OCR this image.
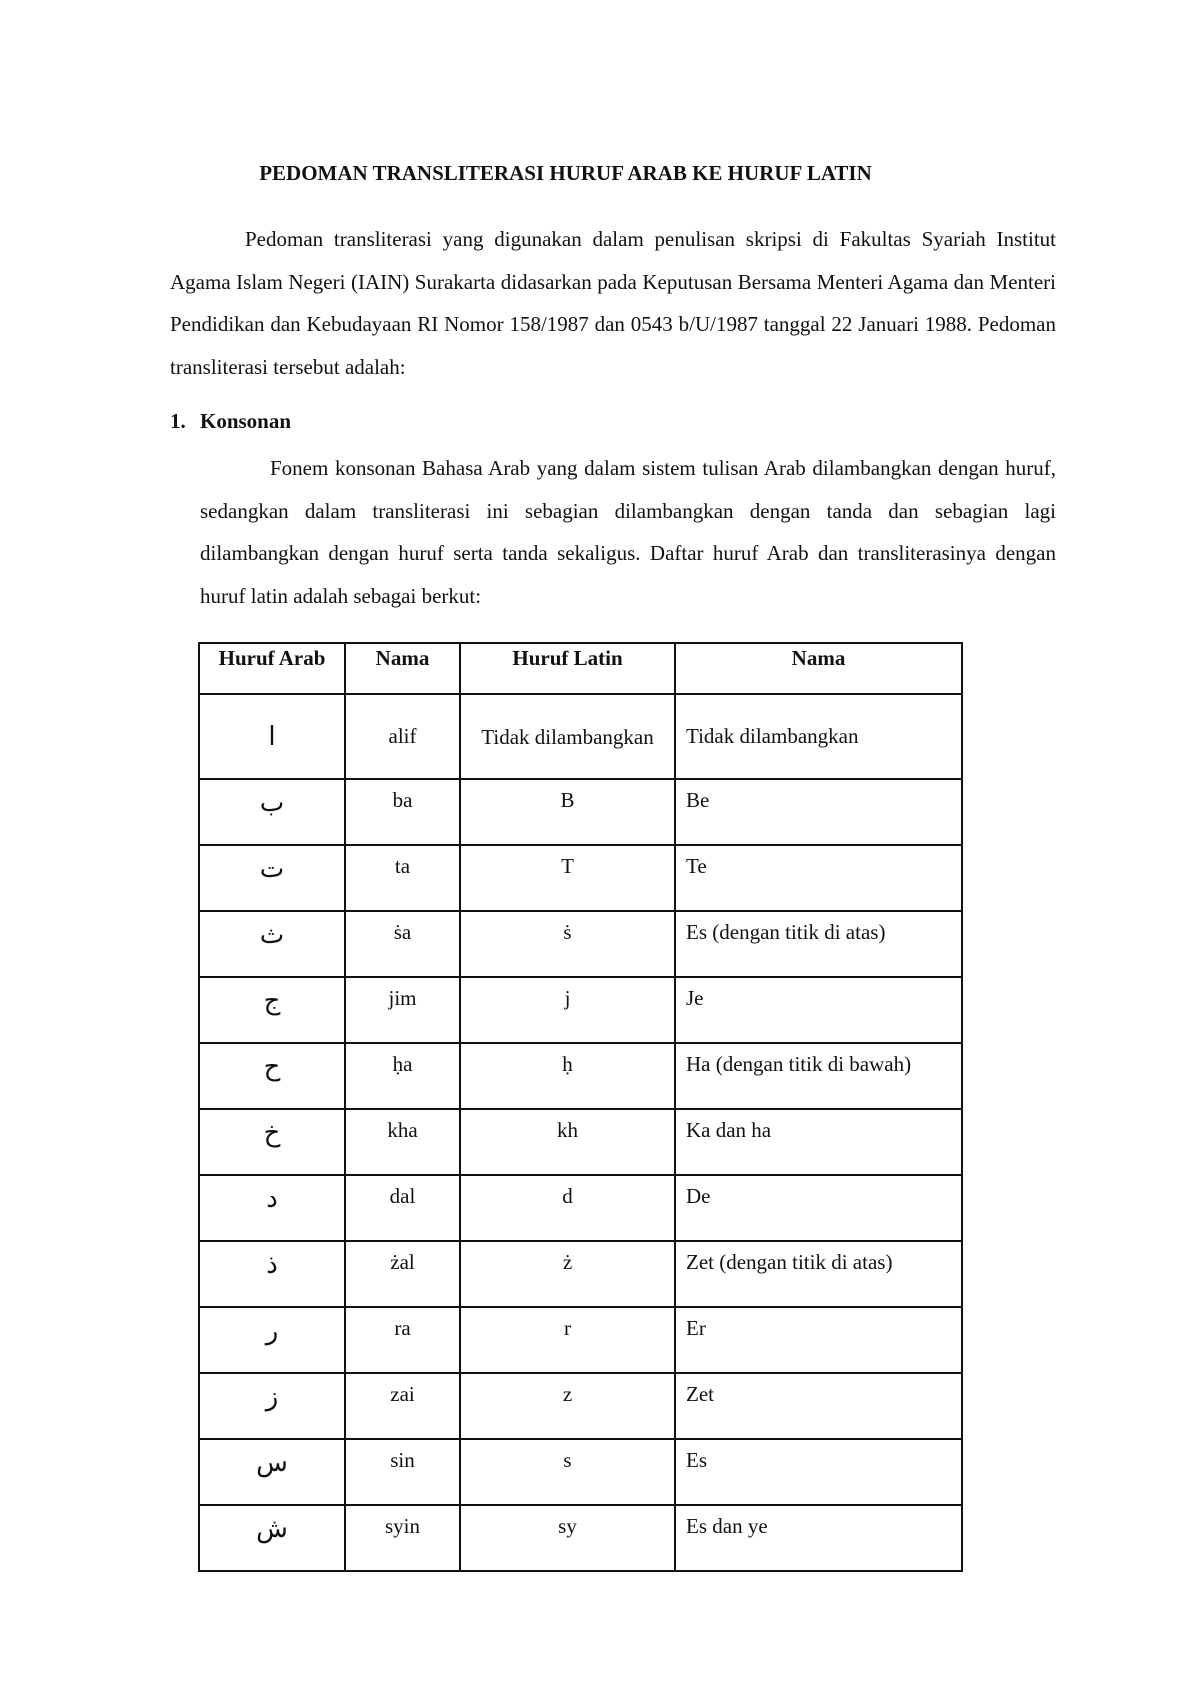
PEDOMAN TRANSLITERASI HURUF ARAB KE HURUF LATIN

Pedoman transliterasi yang digunakan dalam penulisan skripsi di Fakultas Syariah Institut Agama Islam Negeri (IAIN) Surakarta didasarkan pada Keputusan Bersama Menteri Agama dan Menteri Pendidikan dan Kebudayaan RI Nomor 158/1987 dan 0543 b/U/1987 tanggal 22 Januari 1988. Pedoman transliterasi tersebut adalah:

1. Konsonan

Fonem konsonan Bahasa Arab yang dalam sistem tulisan Arab dilambangkan dengan huruf, sedangkan dalam transliterasi ini sebagian dilambangkan dengan tanda dan sebagian lagi dilambangkan dengan huruf serta tanda sekaligus. Daftar huruf Arab dan transliterasinya dengan huruf latin adalah sebagai berkut:

Huruf Arab	Nama	Huruf Latin	Nama
ا	alif	Tidak dilambangkan	Tidak dilambangkan
ب	ba	B	Be
ت	ta	T	Te
ث	ṡa	ṡ	Es (dengan titik di atas)
ج	jim	j	Je
ح	ḥa	ḥ	Ha (dengan titik di bawah)
خ	kha	kh	Ka dan ha
د	dal	d	De
ذ	żal	ż	Zet (dengan titik di atas)
ر	ra	r	Er
ز	zai	z	Zet
س	sin	s	Es
ش	syin	sy	Es dan ye
